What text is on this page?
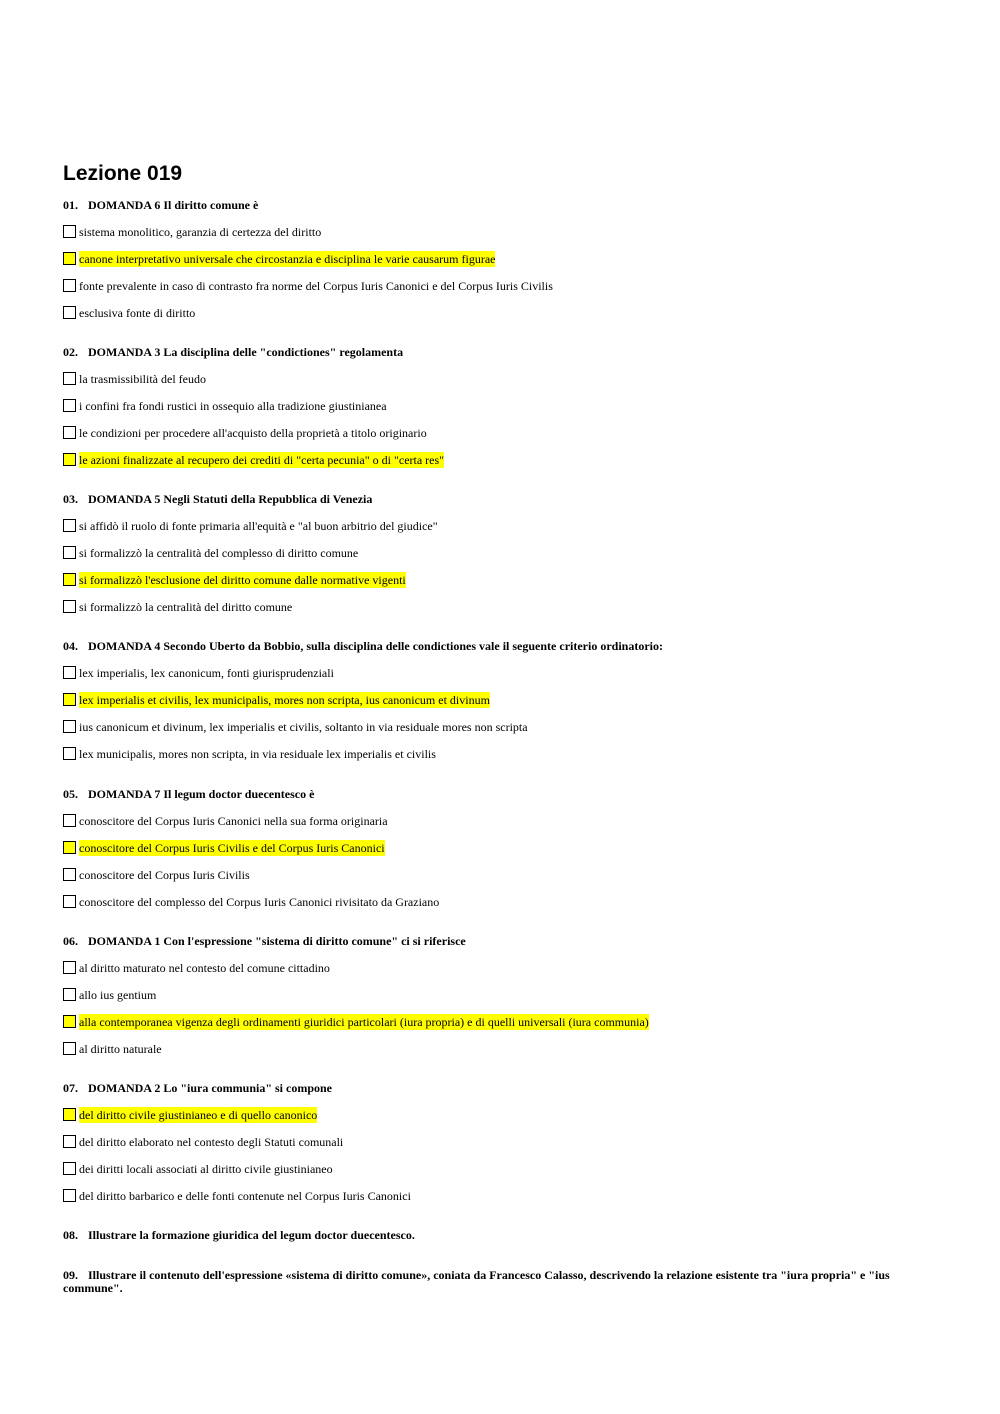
Lezione 019
01. DOMANDA 6 Il diritto comune è
sistema monolitico, garanzia di certezza del diritto
canone interpretativo universale che circostanzia e disciplina le varie causarum figurae
fonte prevalente in caso di contrasto fra norme del Corpus Iuris Canonici e del Corpus Iuris Civilis
esclusiva fonte di diritto
02. DOMANDA 3 La disciplina delle "condictiones" regolamenta
la trasmissibilità del feudo
i confini fra fondi rustici in ossequio alla tradizione giustinianea
le condizioni per procedere all'acquisto della proprietà a titolo originario
le azioni finalizzate al recupero dei crediti di "certa pecunia" o di "certa res"
03. DOMANDA 5 Negli Statuti della Repubblica di Venezia
si affidò il ruolo di fonte primaria all'equità e "al buon arbitrio del giudice"
si formalizzò la centralità del complesso di diritto comune
si formalizzò l'esclusione del diritto comune dalle normative vigenti
si formalizzò la centralità del diritto comune
04. DOMANDA 4 Secondo Uberto da Bobbio, sulla disciplina delle condictiones vale il seguente criterio ordinatorio:
lex imperialis, lex canonicum, fonti giurisprudenziali
lex imperialis et civilis, lex municipalis, mores non scripta, ius canonicum et divinum
ius canonicum et divinum, lex imperialis et civilis, soltanto in via residuale mores non scripta
lex municipalis, mores non scripta, in via residuale lex imperialis et civilis
05. DOMANDA 7 Il legum doctor duecentesco è
conoscitore del Corpus Iuris Canonici nella sua forma originaria
conoscitore del Corpus Iuris Civilis e del Corpus Iuris Canonici
conoscitore del Corpus Iuris Civilis
conoscitore del complesso del Corpus Iuris Canonici rivisitato da Graziano
06. DOMANDA 1 Con l'espressione "sistema di diritto comune" ci si riferisce
al diritto maturato nel contesto del comune cittadino
allo ius gentium
alla contemporanea vigenza degli ordinamenti giuridici particolari (iura propria) e di quelli universali (iura communia)
al diritto naturale
07. DOMANDA 2 Lo "iura communia" si compone
del diritto civile giustinianeo e di quello canonico
del diritto elaborato nel contesto degli Statuti comunali
dei diritti locali associati al diritto civile giustinianeo
del diritto barbarico e delle fonti contenute nel Corpus Iuris Canonici
08. Illustrare la formazione giuridica del legum doctor duecentesco.
09. Illustrare il contenuto dell'espressione «sistema di diritto comune», coniata da Francesco Calasso, descrivendo la relazione esistente tra "iura propria" e "ius commune".
